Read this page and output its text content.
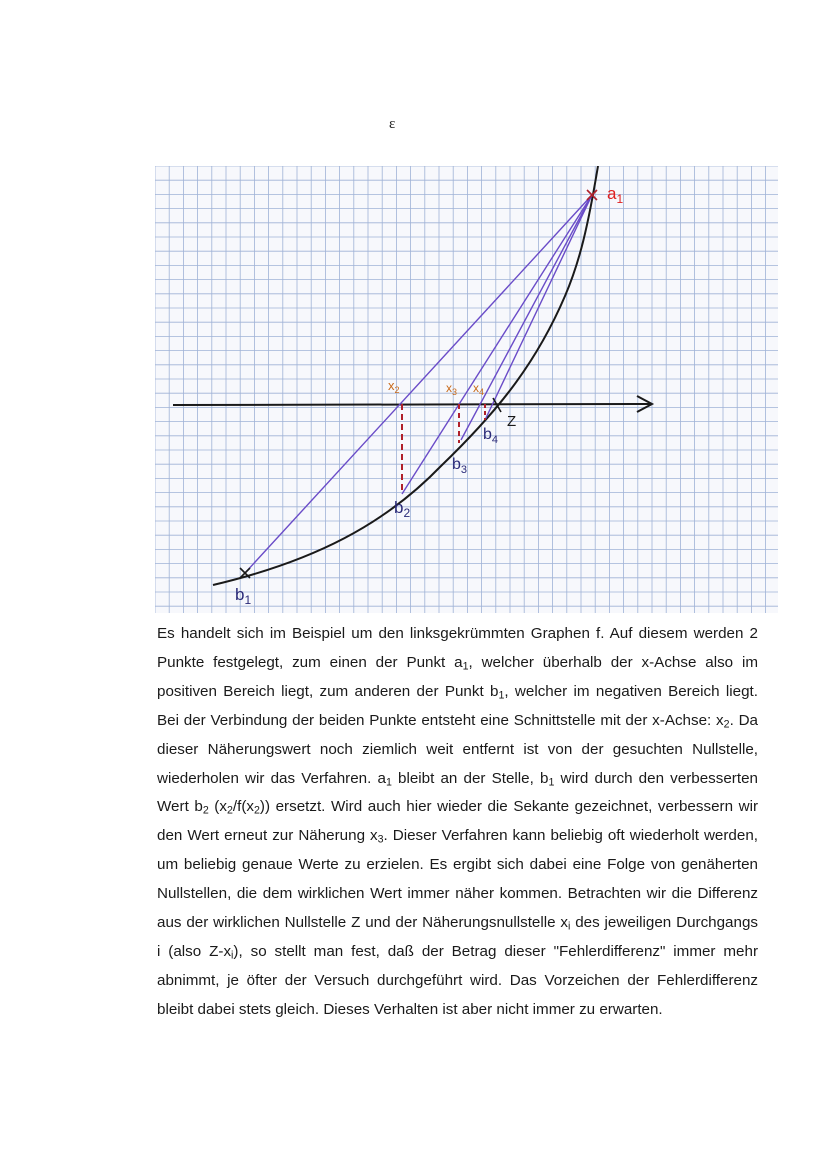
ε
$a_1$
$b_1$
$b_2$
$b_3$
$b_4$
$x_2$	$x_3$ $x_4$
Z

Es handelt sich im Beispiel um den linksgekrümmten Graphen f. Auf diesem werden 2 Punkte festgelegt, zum einen der Punkt $a_1$, welcher überhalb der x-Achse also im positiven Bereich liegt, zum anderen der Punkt $b_1$, welcher im negativen Bereich liegt. Bei der Verbindung der beiden Punkte entsteht eine Schnittstelle mit der x-Achse: $x_2$. Da dieser Näherungswert noch ziemlich weit entfernt ist von der gesuchten Nullstelle, wiederholen wir das Verfahren. $a_1$ bleibt an der Stelle, $b_1$ wird durch den verbesserten Wert $b_2$ $(x_2/f(x_2))$ ersetzt. Wird auch hier wieder die Sekante gezeichnet, verbessern wir den Wert erneut zur Näherung $x_3$. Dieser Verfahren kann beliebig oft wiederholt werden, um beliebig genaue Werte zu erzielen. Es ergibt sich dabei eine Folge von genäherten Nullstellen, die dem wirklichen Wert immer näher kommen. Betrachten wir die Differenz aus der wirklichen Nullstelle Z und der Näherungsnullstelle $x_i$ des jeweiligen Durchgangs i (also $Z-x_i$), so stellt man fest, daß der Betrag dieser "Fehlerdifferenz" immer mehr abnimmt, je öfter der Versuch durchgeführt wird. Das Vorzeichen der Fehlerdifferenz bleibt dabei stets gleich. Dieses Verhalten ist aber nicht immer zu erwarten.
